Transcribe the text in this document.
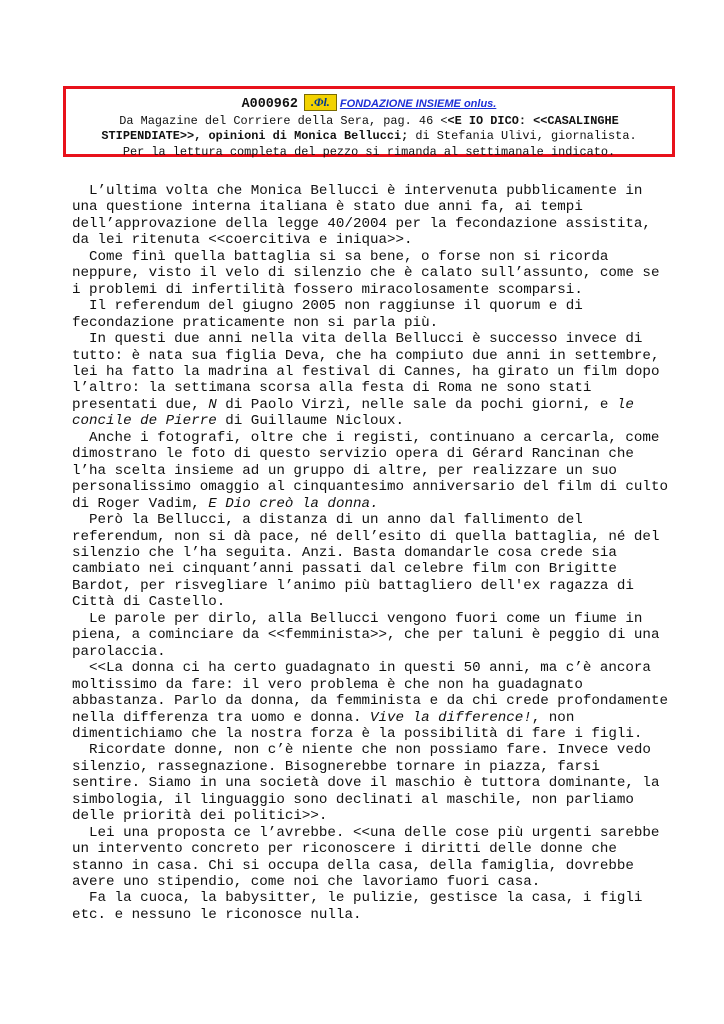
A000962 .Φl. FONDAZIONE INSIEME onlus.
Da Magazine del Corriere della Sera, pag. 46 <<E IO DICO: <<CASALINGHE
STIPENDIATE>>, opinioni di Monica Bellucci; di Stefania Ulivi, giornalista.
Per la lettura completa del pezzo si rimanda al settimanale indicato.

L’ultima volta che Monica Bellucci è intervenuta pubblicamente in una questione interna italiana è stato due anni fa, ai tempi dell’approvazione della legge 40/2004 per la fecondazione assistita, da lei ritenuta <<coercitiva e iniqua>>.

Come finì quella battaglia si sa bene, o forse non si ricorda neppure, visto il velo di silenzio che è calato sull’assunto, come se i problemi di infertilità fossero miracolosamente scomparsi.

Il referendum del giugno 2005 non raggiunse il quorum e di fecondazione praticamente non si parla più.

In questi due anni nella vita della Bellucci è successo invece di tutto: è nata sua figlia Deva, che ha compiuto due anni in settembre, lei ha fatto la madrina al festival di Cannes, ha girato un film dopo l’altro: la settimana scorsa alla festa di Roma ne sono stati presentati due, N di Paolo Virzì, nelle sale da pochi giorni, e le concile de Pierre di Guillaume Nicloux.

Anche i fotografi, oltre che i registi, continuano a cercarla, come dimostrano le foto di questo servizio opera di Gérard Rancinan che l’ha scelta insieme ad un gruppo di altre, per realizzare un suo personalissimo omaggio al cinquantesimo anniversario del film di culto di Roger Vadim, E Dio creò la donna.

Però la Bellucci, a distanza di un anno dal fallimento del referendum, non si dà pace, né dell’esito di quella battaglia, né del silenzio che l’ha seguita. Anzi. Basta domandarle cosa crede sia cambiato nei cinquant’anni passati dal celebre film con Brigitte Bardot, per risvegliare l’animo più battagliero dell'ex ragazza di Città di Castello.

Le parole per dirlo, alla Bellucci vengono fuori come un fiume in piena, a cominciare da <<femminista>>, che per taluni è peggio di una parolaccia.

<<La donna ci ha certo guadagnato in questi 50 anni, ma c’è ancora moltissimo da fare: il vero problema è che non ha guadagnato abbastanza. Parlo da donna, da femminista e da chi crede profondamente nella differenza tra uomo e donna. Vive la difference!, non dimentichiamo che la nostra forza è la possibilità di fare i figli.

Ricordate donne, non c’è niente che non possiamo fare. Invece vedo silenzio, rassegnazione. Bisognerebbe tornare in piazza, farsi sentire. Siamo in una società dove il maschio è tuttora dominante, la simbologia, il linguaggio sono declinati al maschile, non parliamo delle priorità dei politici>>.

Lei una proposta ce l’avrebbe. <<una delle cose più urgenti sarebbe un intervento concreto per riconoscere i diritti delle donne che stanno in casa. Chi si occupa della casa, della famiglia, dovrebbe avere uno stipendio, come noi che lavoriamo fuori casa.

Fa la cuoca, la babysitter, le pulizie, gestisce la casa, i figli etc. e nessuno le riconosce nulla.
